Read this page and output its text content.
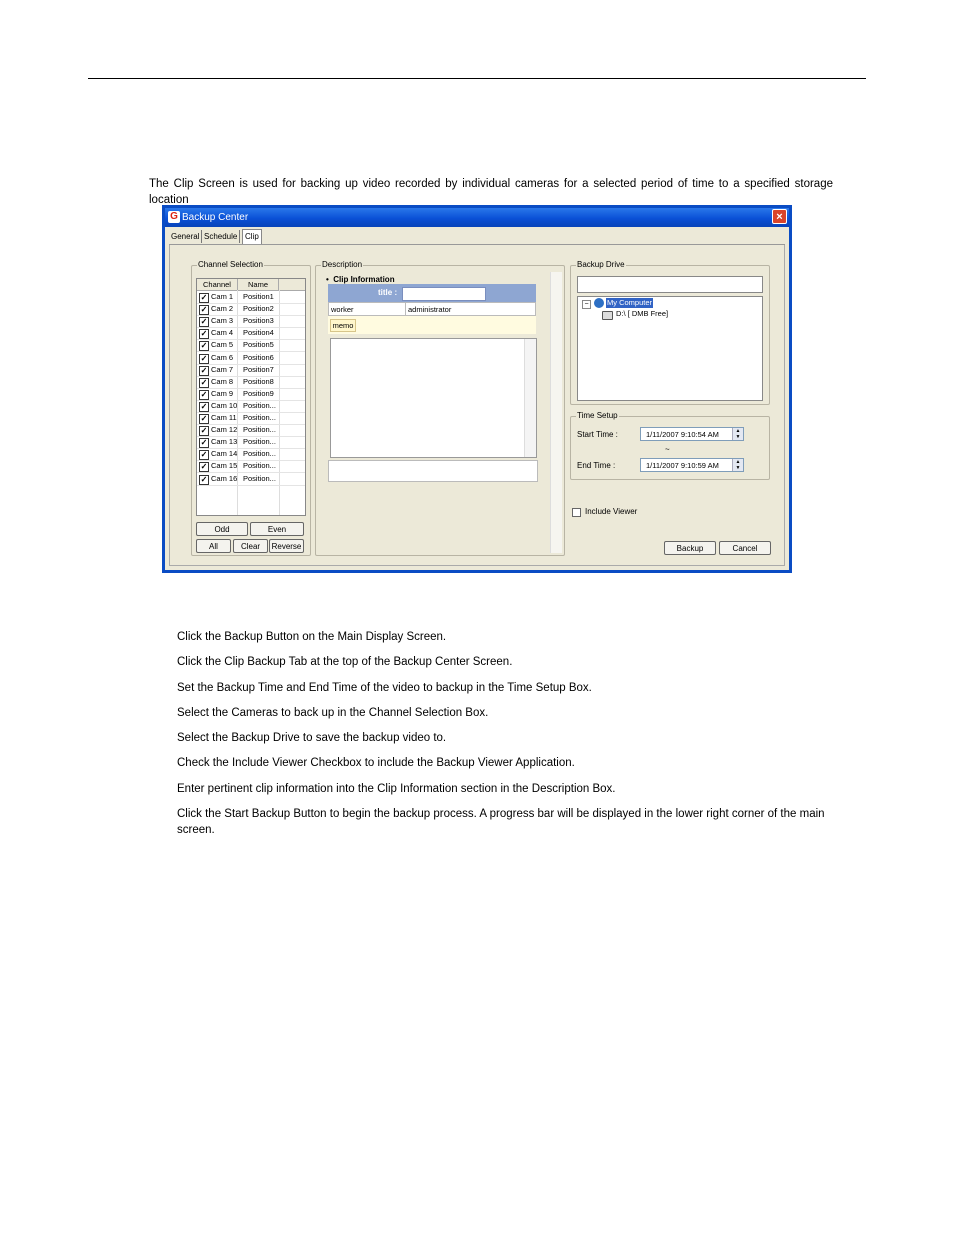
The Clip Screen is used for backing up video recorded by individual cameras for a selected period of time to a specified storage location

G Backup Center	×
General Schedule Clip
Channel Selection
Channel	Name
✓ Cam 1 Position1
✓ Cam 2 Position2
✓ Cam 3 Position3
✓ Cam 4 Position4
✓ Cam 5 Position5
✓ Cam 6 Position6
✓ Cam 7 Position7
✓ Cam 8 Position8
✓ Cam 9 Position9
✓ Cam 10 Position...
✓ Cam 11 Position...
✓ Cam 12 Position...
✓ Cam 13 Position...
✓ Cam 14 Position...
✓ Cam 15 Position...
✓ Cam 16 Position...
Odd	Even
All	Clear	Reverse
Description
•  Clip Information
title :
worker	administrator
memo
Backup Drive
−	My Computer
D:\ [ DMB Free]
Time Setup
Start Time :	1/11/2007 9:10:54 AM	▲
▼
~
End Time :	1/11/2007 9:10:59 AM	▲
▼
Include Viewer
Backup	Cancel
Click the Backup Button on the Main Display Screen.
Click the Clip Backup Tab at the top of the Backup Center Screen.
Set the Backup Time and End Time of the video to backup in the Time Setup Box.
Select the Cameras to back up in the Channel Selection Box.
Select the Backup Drive to save the backup video to.
Check the Include Viewer Checkbox to include the Backup Viewer Application.
Enter pertinent clip information into the Clip Information section in the Description Box.
Click the Start Backup Button to begin the backup process. A progress bar will be displayed in the lower right corner of the main screen.
